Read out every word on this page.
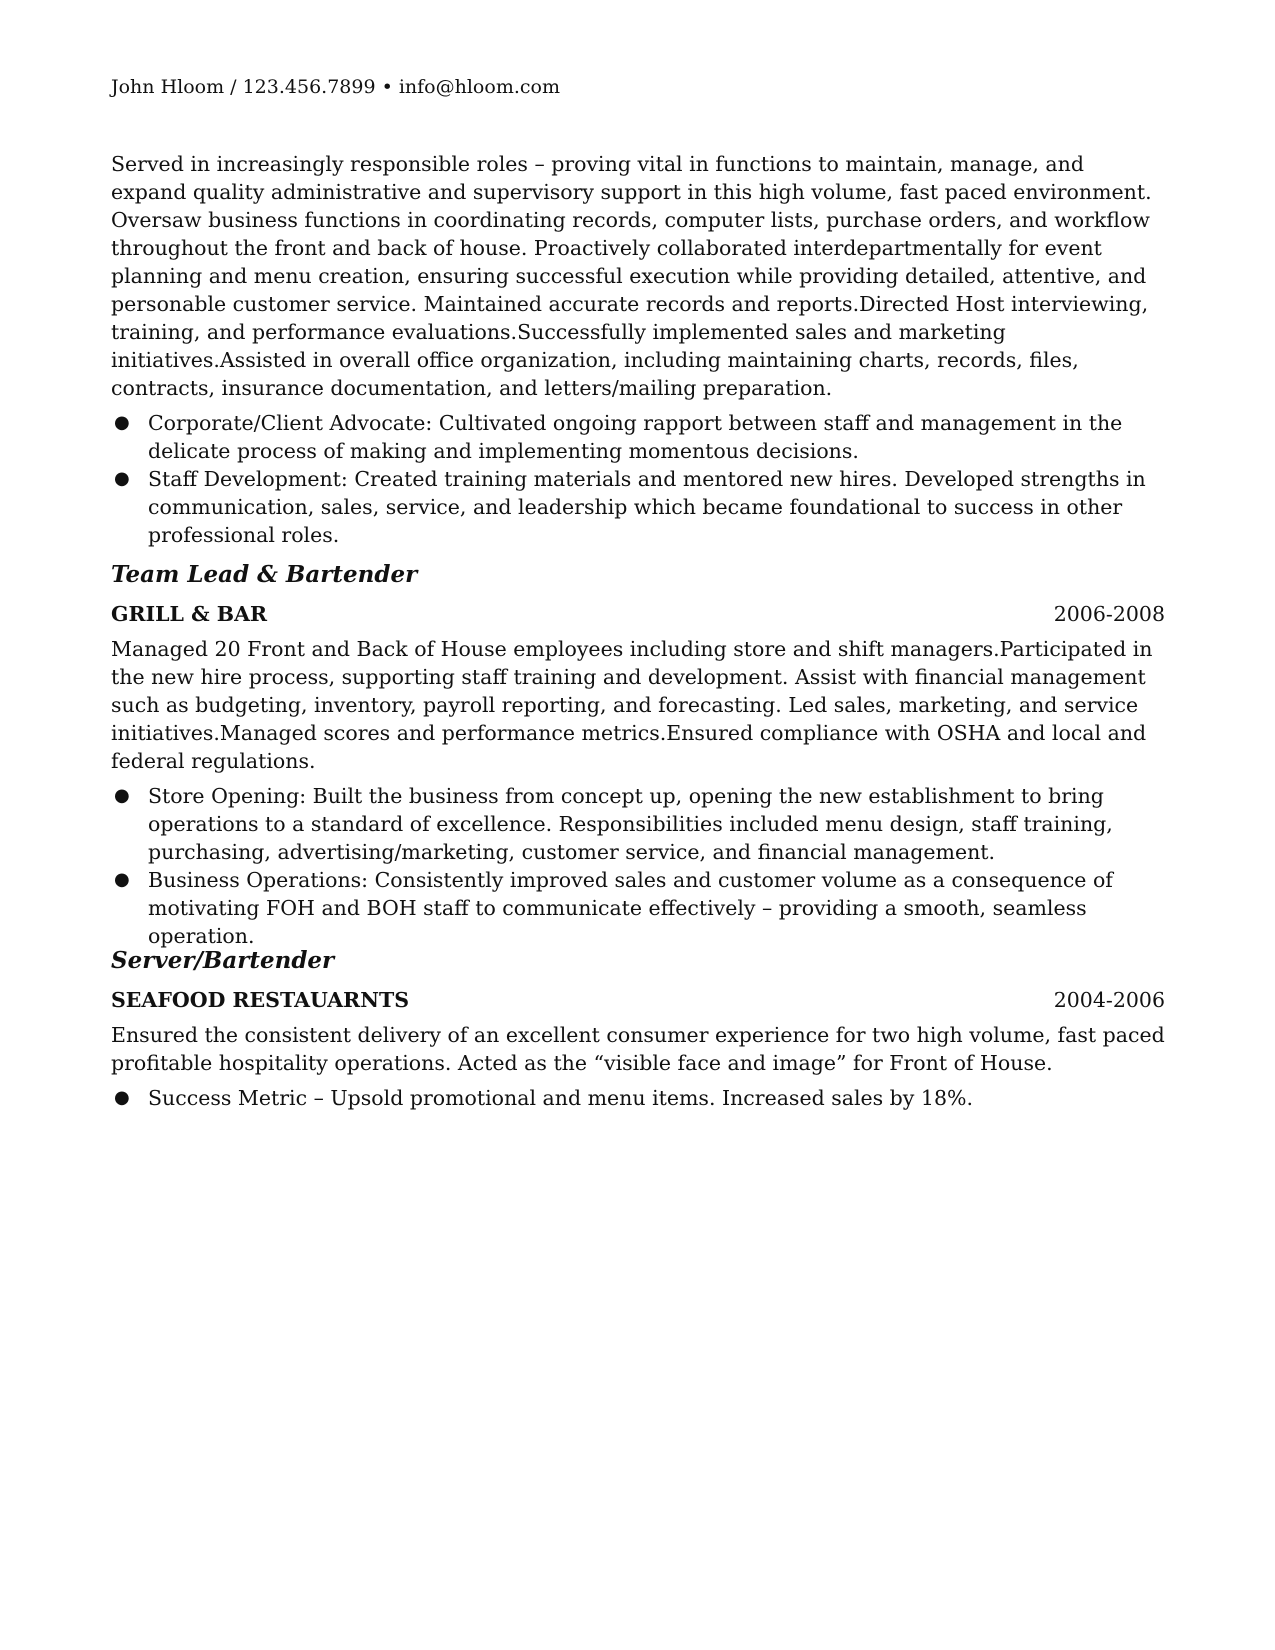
John Hloom / 123.456.7899 • info@hloom.com

Served in increasingly responsible roles – proving vital in functions to maintain, manage, and expand quality administrative and supervisory support in this high volume, fast paced environment. Oversaw business functions in coordinating records, computer lists, purchase orders, and workflow throughout the front and back of house. Proactively collaborated interdepartmentally for event planning and menu creation, ensuring successful execution while providing detailed, attentive, and personable customer service. Maintained accurate records and reports.Directed Host interviewing, training, and performance evaluations.Successfully implemented sales and marketing initiatives.Assisted in overall office organization, including maintaining charts, records, files, contracts, insurance documentation, and letters/mailing preparation.

● Corporate/Client Advocate: Cultivated ongoing rapport between staff and management in the delicate process of making and implementing momentous decisions.
● Staff Development: Created training materials and mentored new hires. Developed strengths in communication, sales, service, and leadership which became foundational to success in other professional roles.
Team Lead & Bartender
GRILL & BAR	2006-2008

Managed 20 Front and Back of House employees including store and shift managers.Participated in the new hire process, supporting staff training and development. Assist with financial management such as budgeting, inventory, payroll reporting, and forecasting. Led sales, marketing, and service initiatives.Managed scores and performance metrics.Ensured compliance with OSHA and local and federal regulations.

● Store Opening: Built the business from concept up, opening the new establishment to bring operations to a standard of excellence. Responsibilities included menu design, staff training, purchasing, advertising/marketing, customer service, and financial management.
● Business Operations: Consistently improved sales and customer volume as a consequence of motivating FOH and BOH staff to communicate effectively – providing a smooth, seamless operation.
Server/Bartender
SEAFOOD RESTAUARNTS	2004-2006

Ensured the consistent delivery of an excellent consumer experience for two high volume, fast paced profitable hospitality operations. Acted as the “visible face and image” for Front of House.

● Success Metric – Upsold promotional and menu items. Increased sales by 18%.
